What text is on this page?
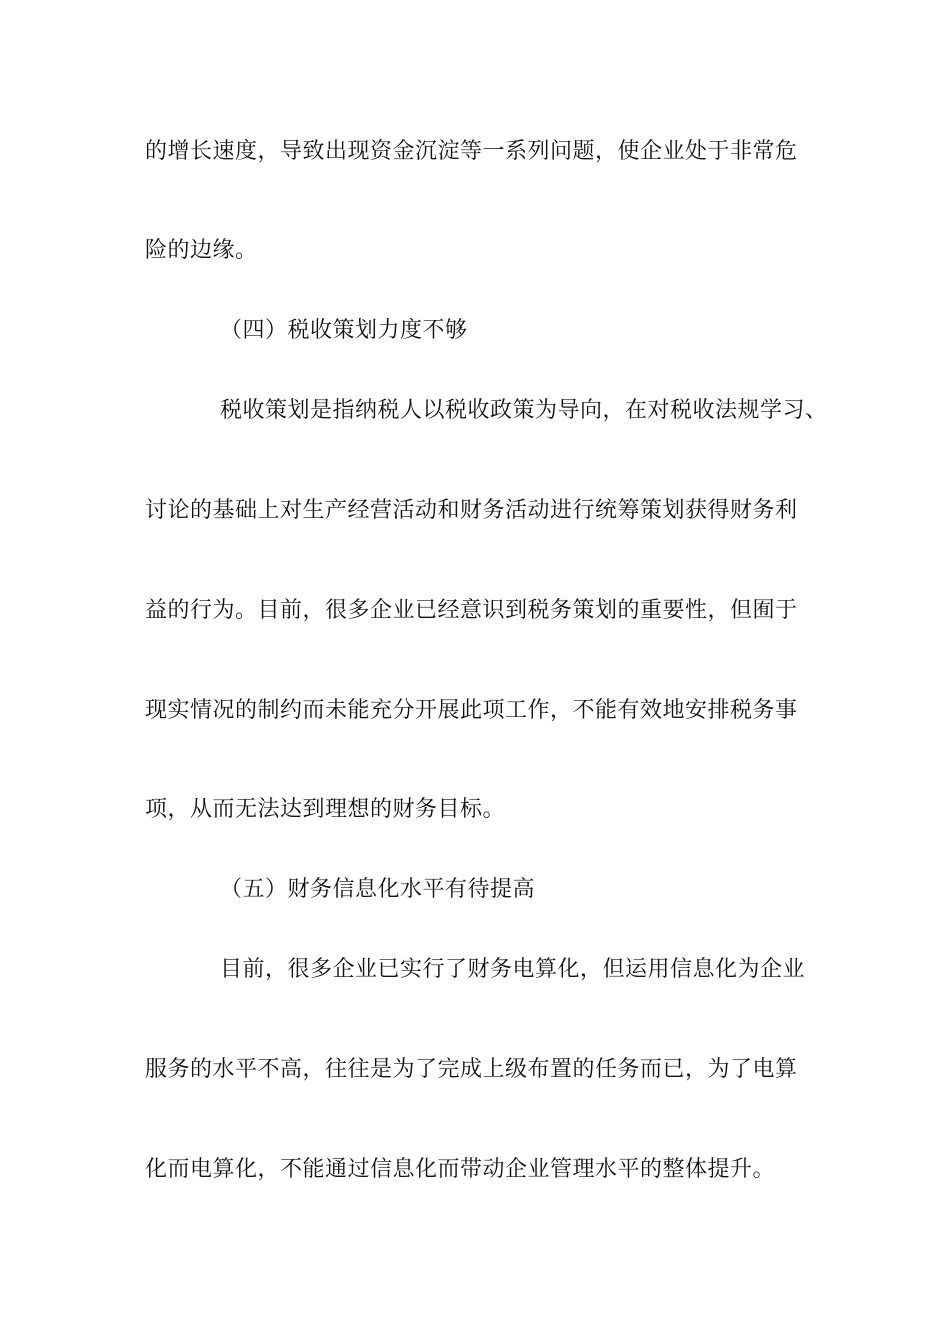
的增长速度，导致出现资金沉淀等一系列问题，使企业处于非常危
险的边缘。
（四）税收策划力度不够
税收策划是指纳税人以税收政策为导向，在对税收法规学习、
讨论的基础上对生产经营活动和财务活动进行统筹策划获得财务利
益的行为。目前，很多企业已经意识到税务策划的重要性，但囿于
现实情况的制约而未能充分开展此项工作，不能有效地安排税务事
项，从而无法达到理想的财务目标。
（五）财务信息化水平有待提高
目前，很多企业已实行了财务电算化，但运用信息化为企业
服务的水平不高，往往是为了完成上级布置的任务而已，为了电算
化而电算化，不能通过信息化而带动企业管理水平的整体提升。
